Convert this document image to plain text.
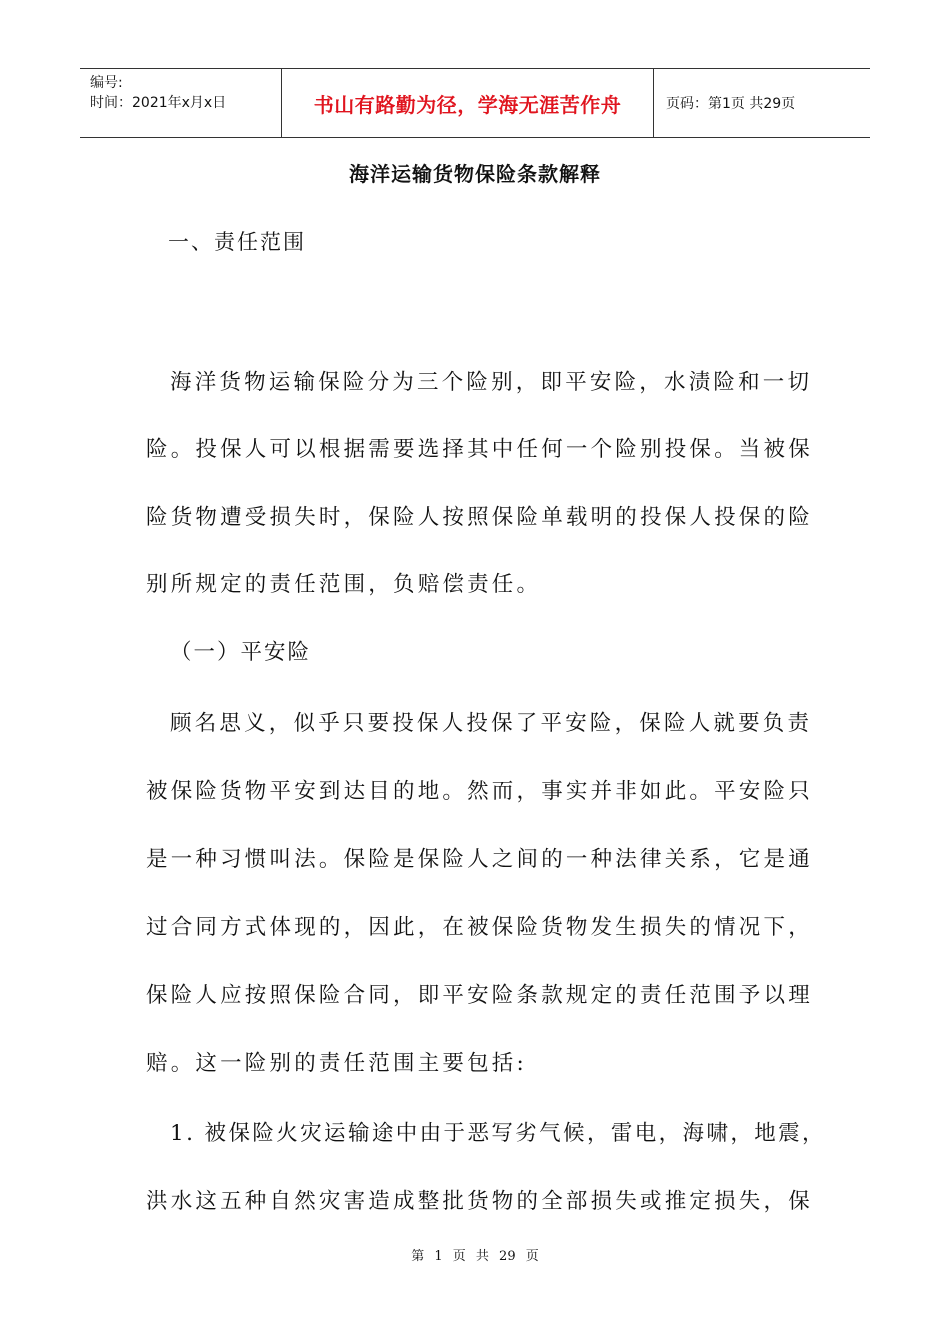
编号:
时间：2021年x月x日	书山有路勤为径，学海无涯苦作舟	页码：第1页 共29页
海洋运输货物保险条款解释
一、责任范围
海洋货物运输保险分为三个险别，即平安险，水渍险和一切
险。投保人可以根据需要选择其中任何一个险别投保。当被保
险货物遭受损失时，保险人按照保险单载明的投保人投保的险
别所规定的责任范围，负赔偿责任。
（一）平安险
顾名思义，似乎只要投保人投保了平安险，保险人就要负责
被保险货物平安到达目的地。然而，事实并非如此。平安险只
是一种习惯叫法。保险是保险人之间的一种法律关系，它是通
过合同方式体现的，因此，在被保险货物发生损失的情况下，
保险人应按照保险合同，即平安险条款规定的责任范围予以理
赔。这一险别的责任范围主要包括:
1. 被保险火灾运输途中由于恶写劣气候，雷电，海啸，地震，
洪水这五种自然灾害造成整批货物的全部损失或推定损失，保
第 1 页 共 29 页
